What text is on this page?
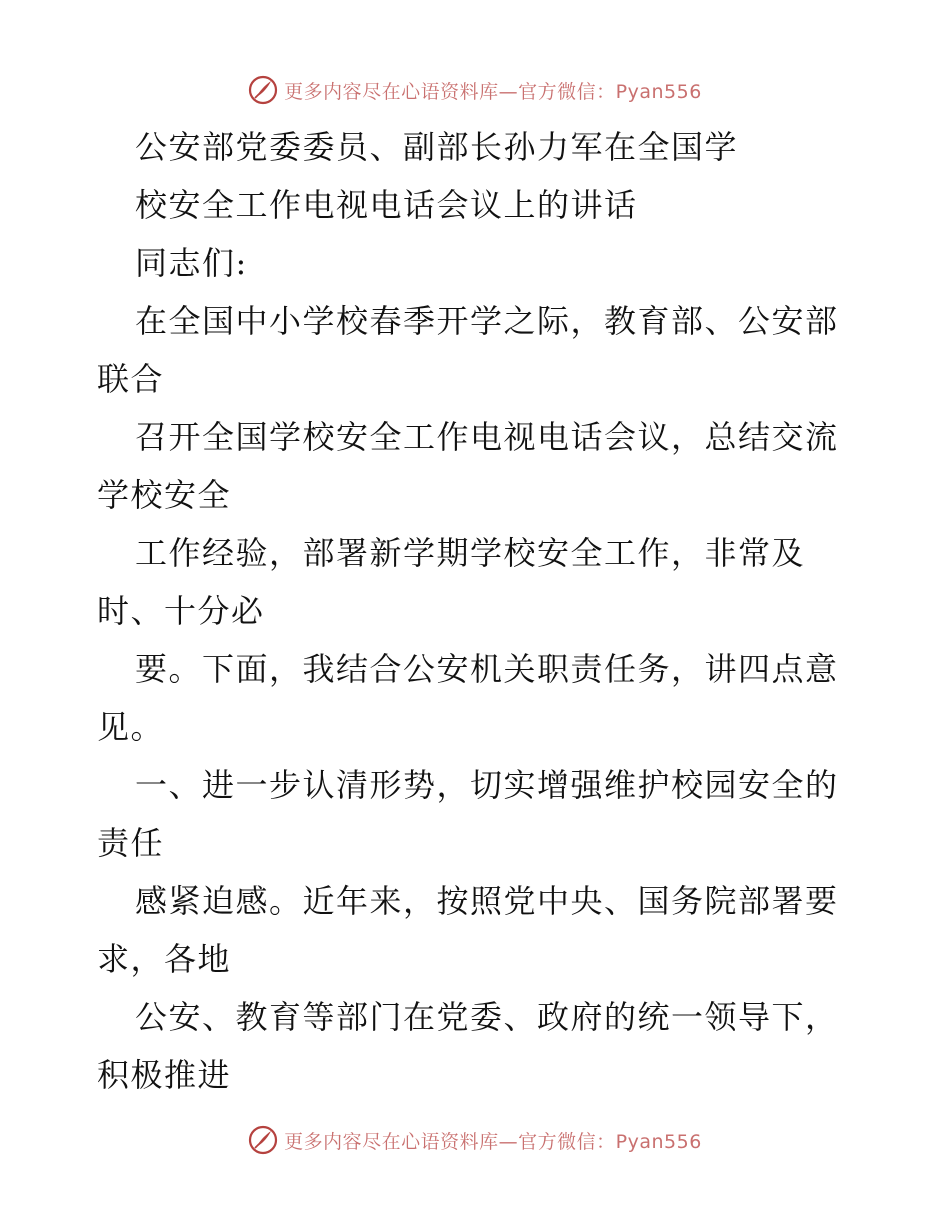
更多内容尽在心语资料库—官方微信：Pyan556
公安部党委委员、副部长孙力军在全国学
校安全工作电视电话会议上的讲话
同志们:
在全国中小学校春季开学之际，教育部、公安部
联合
召开全国学校安全工作电视电话会议，总结交流
学校安全
工作经验，部署新学期学校安全工作，非常及
时、十分必
要。下面，我结合公安机关职责任务，讲四点意
见。
一、进一步认清形势，切实增强维护校园安全的
责任
感紧迫感。近年来，按照党中央、国务院部署要
求，各地
公安、教育等部门在党委、政府的统一领导下，
积极推进
更多内容尽在心语资料库—官方微信：Pyan556
